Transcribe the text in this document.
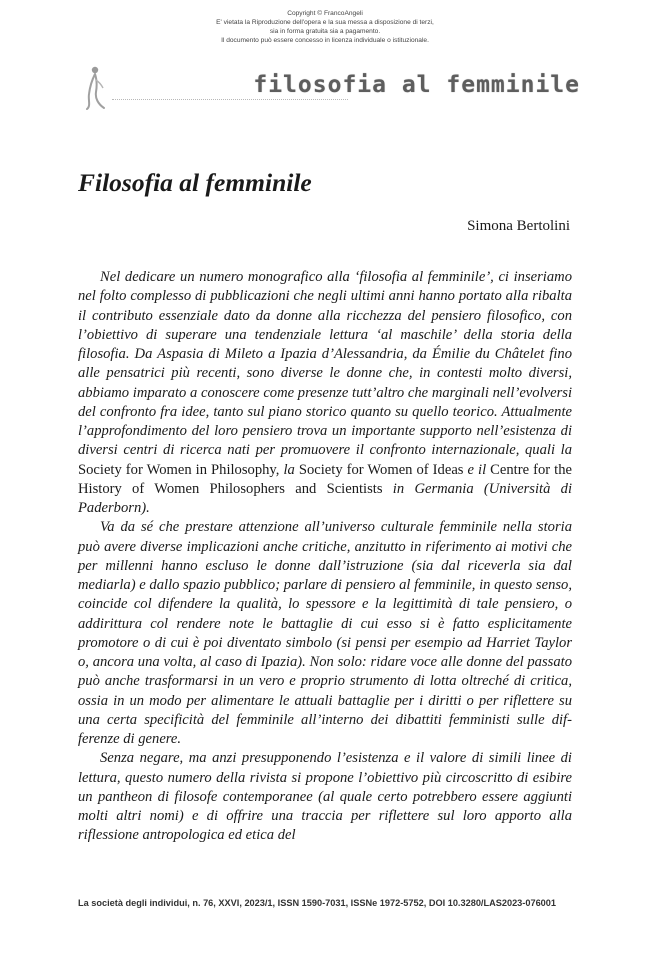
Copyright © FrancoAngeli
E' vietata la Riproduzione dell'opera e la sua messa a disposizione di terzi,
sia in forma gratuita sia a pagamento.
Il documento può essere concesso in licenza individuale o istituzionale.
filosofia al femminile
Filosofia al femminile
Simona Bertolini

Nel dedicare un numero monografico alla ‘filosofia al femminile’, ci inseriamo nel folto complesso di pubblicazioni che negli ultimi anni hanno portato alla ribalta il contributo essenziale dato da donne alla ricchezza del pensiero filosofico, con l’obiettivo di superare una tendenziale lettura ‘al maschile’ della storia della filosofia. Da Aspasia di Mileto a Ipazia d’Alessandria, da Émilie du Châtelet fino alle pensatrici più recenti, sono diverse le donne che, in contesti molto diversi, abbiamo imparato a conoscere come presenze tutt’altro che marginali nell’evolversi del confronto fra idee, tanto sul piano storico quanto su quello teorico. Attualmente l’approfondimento del loro pensiero trova un importante supporto nell’esistenza di diversi centri di ricerca nati per promuovere il confronto internazionale, quali la Society for Women in Philosophy, la Society for Women of Ideas e il Centre for the History of Women Philosophers and Scientists in Germania (Università di Paderborn).

Va da sé che prestare attenzione all’universo culturale femminile nella storia può avere diverse implicazioni anche critiche, anzitutto in riferimento ai motivi che per millenni hanno escluso le donne dall’istruzione (sia dal riceverla sia dal mediarla) e dallo spazio pubblico; parlare di pensiero al femminile, in questo senso, coincide col difendere la qualità, lo spessore e la legittimità di tale pensiero, o addirittura col rendere note le battaglie di cui esso si è fatto esplicitamente promotore o di cui è poi diventato simbolo (si pensi per esempio ad Harriet Taylor o, ancora una volta, al caso di Ipazia). Non solo: ridare voce alle donne del passato può anche trasformarsi in un vero e proprio strumento di lotta oltreché di critica, ossia in un modo per alimentare le attuali battaglie per i diritti o per riflettere su una certa specificità del femminile all’interno dei dibattiti femministi sulle differenze di genere.

Senza negare, ma anzi presupponendo l’esistenza e il valore di simili linee di lettura, questo numero della rivista si propone l’obiettivo più circoscritto di esibire un pantheon di filosofe contemporanee (al quale certo potrebbero essere aggiunti molti altri nomi) e di offrire una traccia per riflettere sul loro apporto alla riflessione antropologica ed etica del

La società degli individui, n. 76, XXVI, 2023/1, ISSN 1590-7031, ISSNe 1972-5752, DOI 10.3280/LAS2023-076001
